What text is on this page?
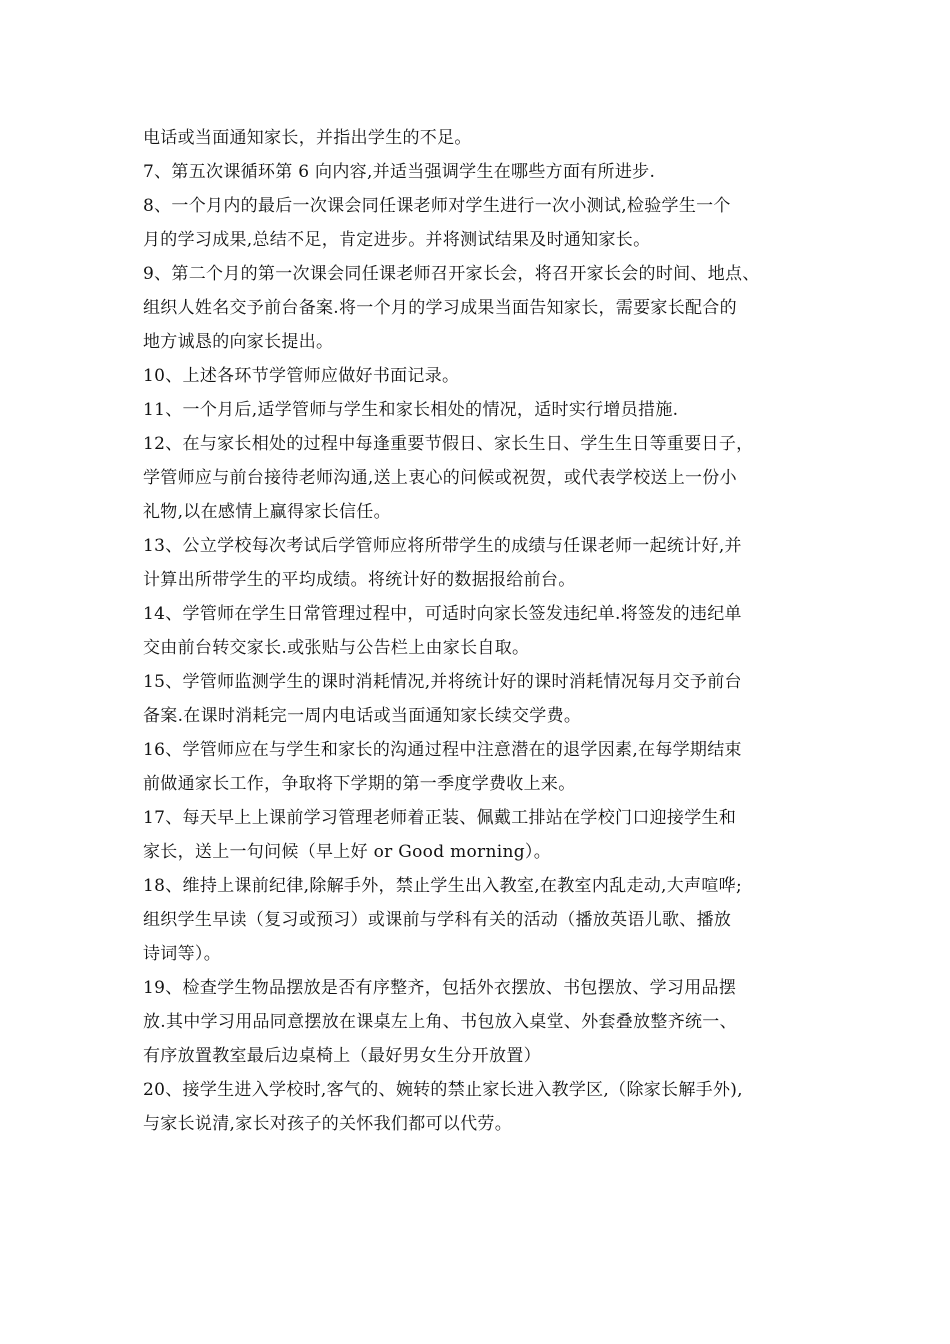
电话或当面通知家长，并指出学生的不足。
7、第五次课循环第 6 向内容,并适当强调学生在哪些方面有所进步.
8、一个月内的最后一次课会同任课老师对学生进行一次小测试,检验学生一个
月的学习成果,总结不足，肯定进步。并将测试结果及时通知家长。
9、第二个月的第一次课会同任课老师召开家长会，将召开家长会的时间、地点、
组织人姓名交予前台备案.将一个月的学习成果当面告知家长，需要家长配合的
地方诚恳的向家长提出。
10、上述各环节学管师应做好书面记录。
11、一个月后,适学管师与学生和家长相处的情况，适时实行增员措施.
12、在与家长相处的过程中每逢重要节假日、家长生日、学生生日等重要日子，
学管师应与前台接待老师沟通,送上衷心的问候或祝贺，或代表学校送上一份小
礼物,以在感情上赢得家长信任。
13、公立学校每次考试后学管师应将所带学生的成绩与任课老师一起统计好,并
计算出所带学生的平均成绩。将统计好的数据报给前台。
14、学管师在学生日常管理过程中，可适时向家长签发违纪单.将签发的违纪单
交由前台转交家长.或张贴与公告栏上由家长自取。
15、学管师监测学生的课时消耗情况,并将统计好的课时消耗情况每月交予前台
备案.在课时消耗完一周内电话或当面通知家长续交学费。
16、学管师应在与学生和家长的沟通过程中注意潜在的退学因素,在每学期结束
前做通家长工作，争取将下学期的第一季度学费收上来。
17、每天早上上课前学习管理老师着正装、佩戴工排站在学校门口迎接学生和
家长，送上一句问候（早上好 or Good morning）。
18、维持上课前纪律,除解手外，禁止学生出入教室,在教室内乱走动,大声喧哗;
组织学生早读（复习或预习）或课前与学科有关的活动（播放英语儿歌、播放
诗词等）。
19、检查学生物品摆放是否有序整齐，包括外衣摆放、书包摆放、学习用品摆
放.其中学习用品同意摆放在课桌左上角、书包放入桌堂、外套叠放整齐统一、
有序放置教室最后边桌椅上（最好男女生分开放置）
20、接学生进入学校时,客气的、婉转的禁止家长进入教学区,（除家长解手外),
与家长说清,家长对孩子的关怀我们都可以代劳。
